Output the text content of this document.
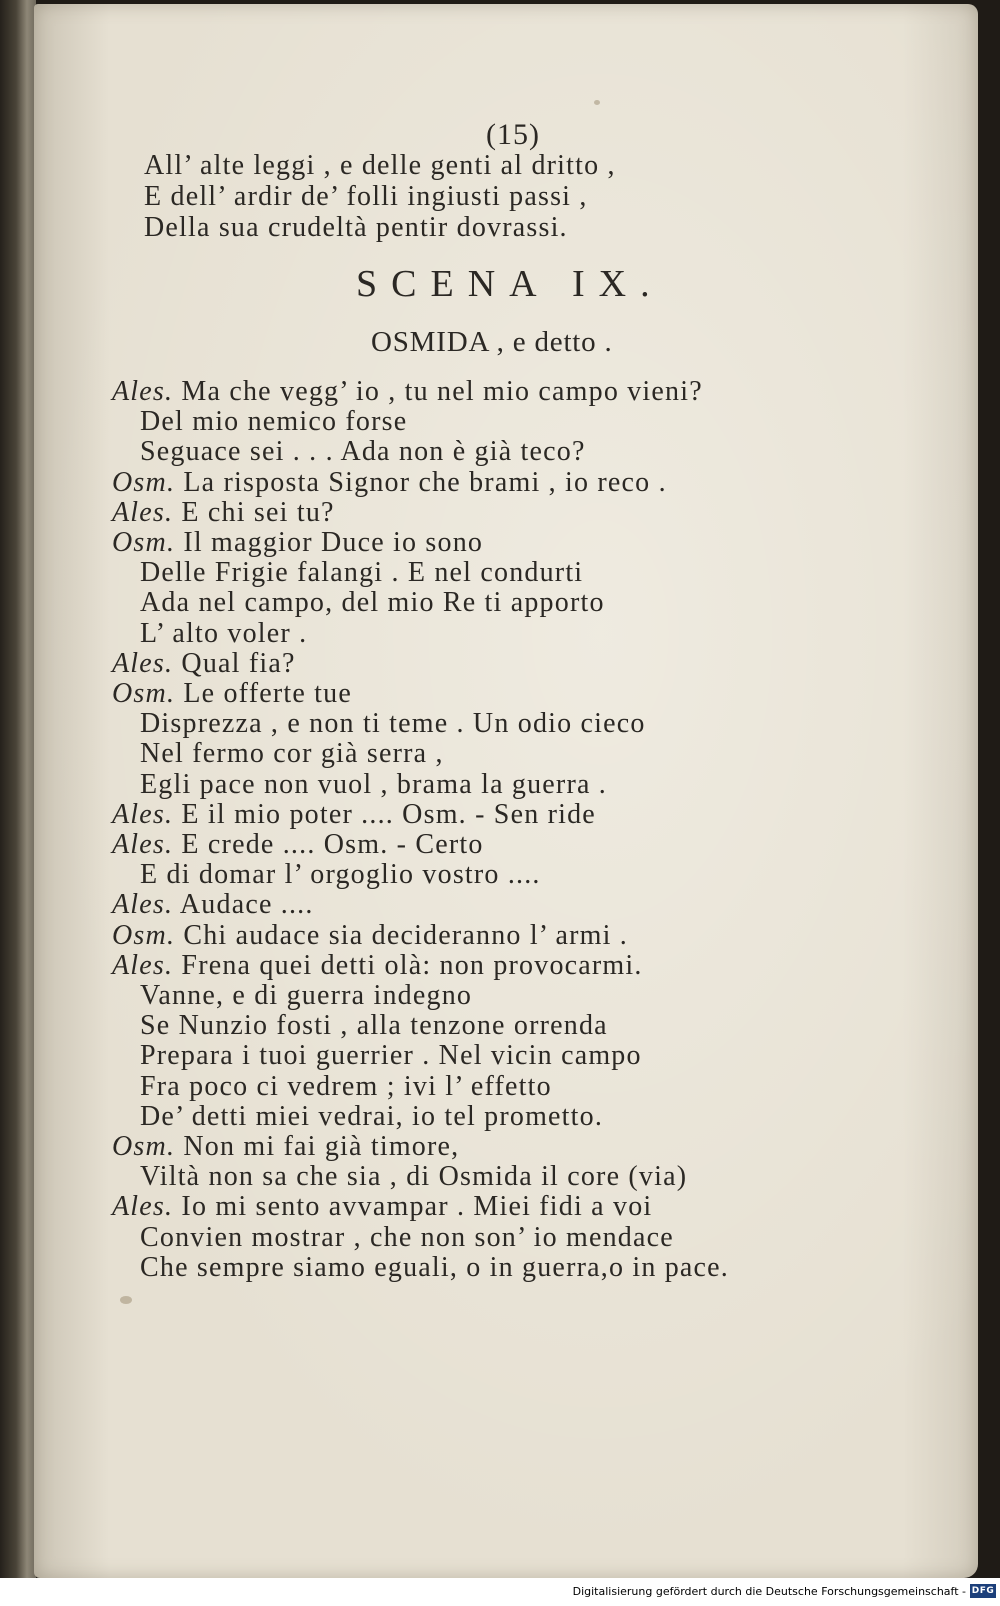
(15)
All’ alte leggi , e delle genti al dritto ,
E dell’ ardir de’ folli ingiusti passi ,
Della sua crudeltà pentir dovrassi.
SCENA IX.
OSMIDA , e detto .
Ales. Ma che vegg’ io , tu nel mio campo vieni?
Del mio nemico forse
Seguace sei . . . Ada non è già teco?
Osm. La risposta Signor che brami , io reco .
Ales. E chi sei tu?
Osm. Il maggior Duce io sono
Delle Frigie falangi . E nel condurti
Ada nel campo, del mio Re ti apporto
L’ alto voler .
Ales. Qual fia?
Osm. Le offerte tue
Disprezza , e non ti teme . Un odio cieco
Nel fermo cor già serra ,
Egli pace non vuol , brama la guerra .
Ales. E il mio poter .... Osm. - Sen ride
Ales. E crede .... Osm. - Certo
E di domar l’ orgoglio vostro ....
Ales. Audace ....
Osm. Chi audace sia decideranno l’ armi .
Ales. Frena quei detti olà: non provocarmi.
Vanne, e di guerra indegno
Se Nunzio fosti , alla tenzone orrenda
Prepara i tuoi guerrier . Nel vicin campo
Fra poco ci vedrem ; ivi l’ effetto
De’ detti miei vedrai, io tel prometto.
Osm. Non mi fai già timore,
Viltà non sa che sia , di Osmida il core (via)
Ales. Io mi sento avvampar . Miei fidi a voi
Convien mostrar , che non son’ io mendace
Che sempre siamo eguali, o in guerra,o in pace.
Digitalisierung gefördert durch die Deutsche Forschungsgemeinschaft - DFG
